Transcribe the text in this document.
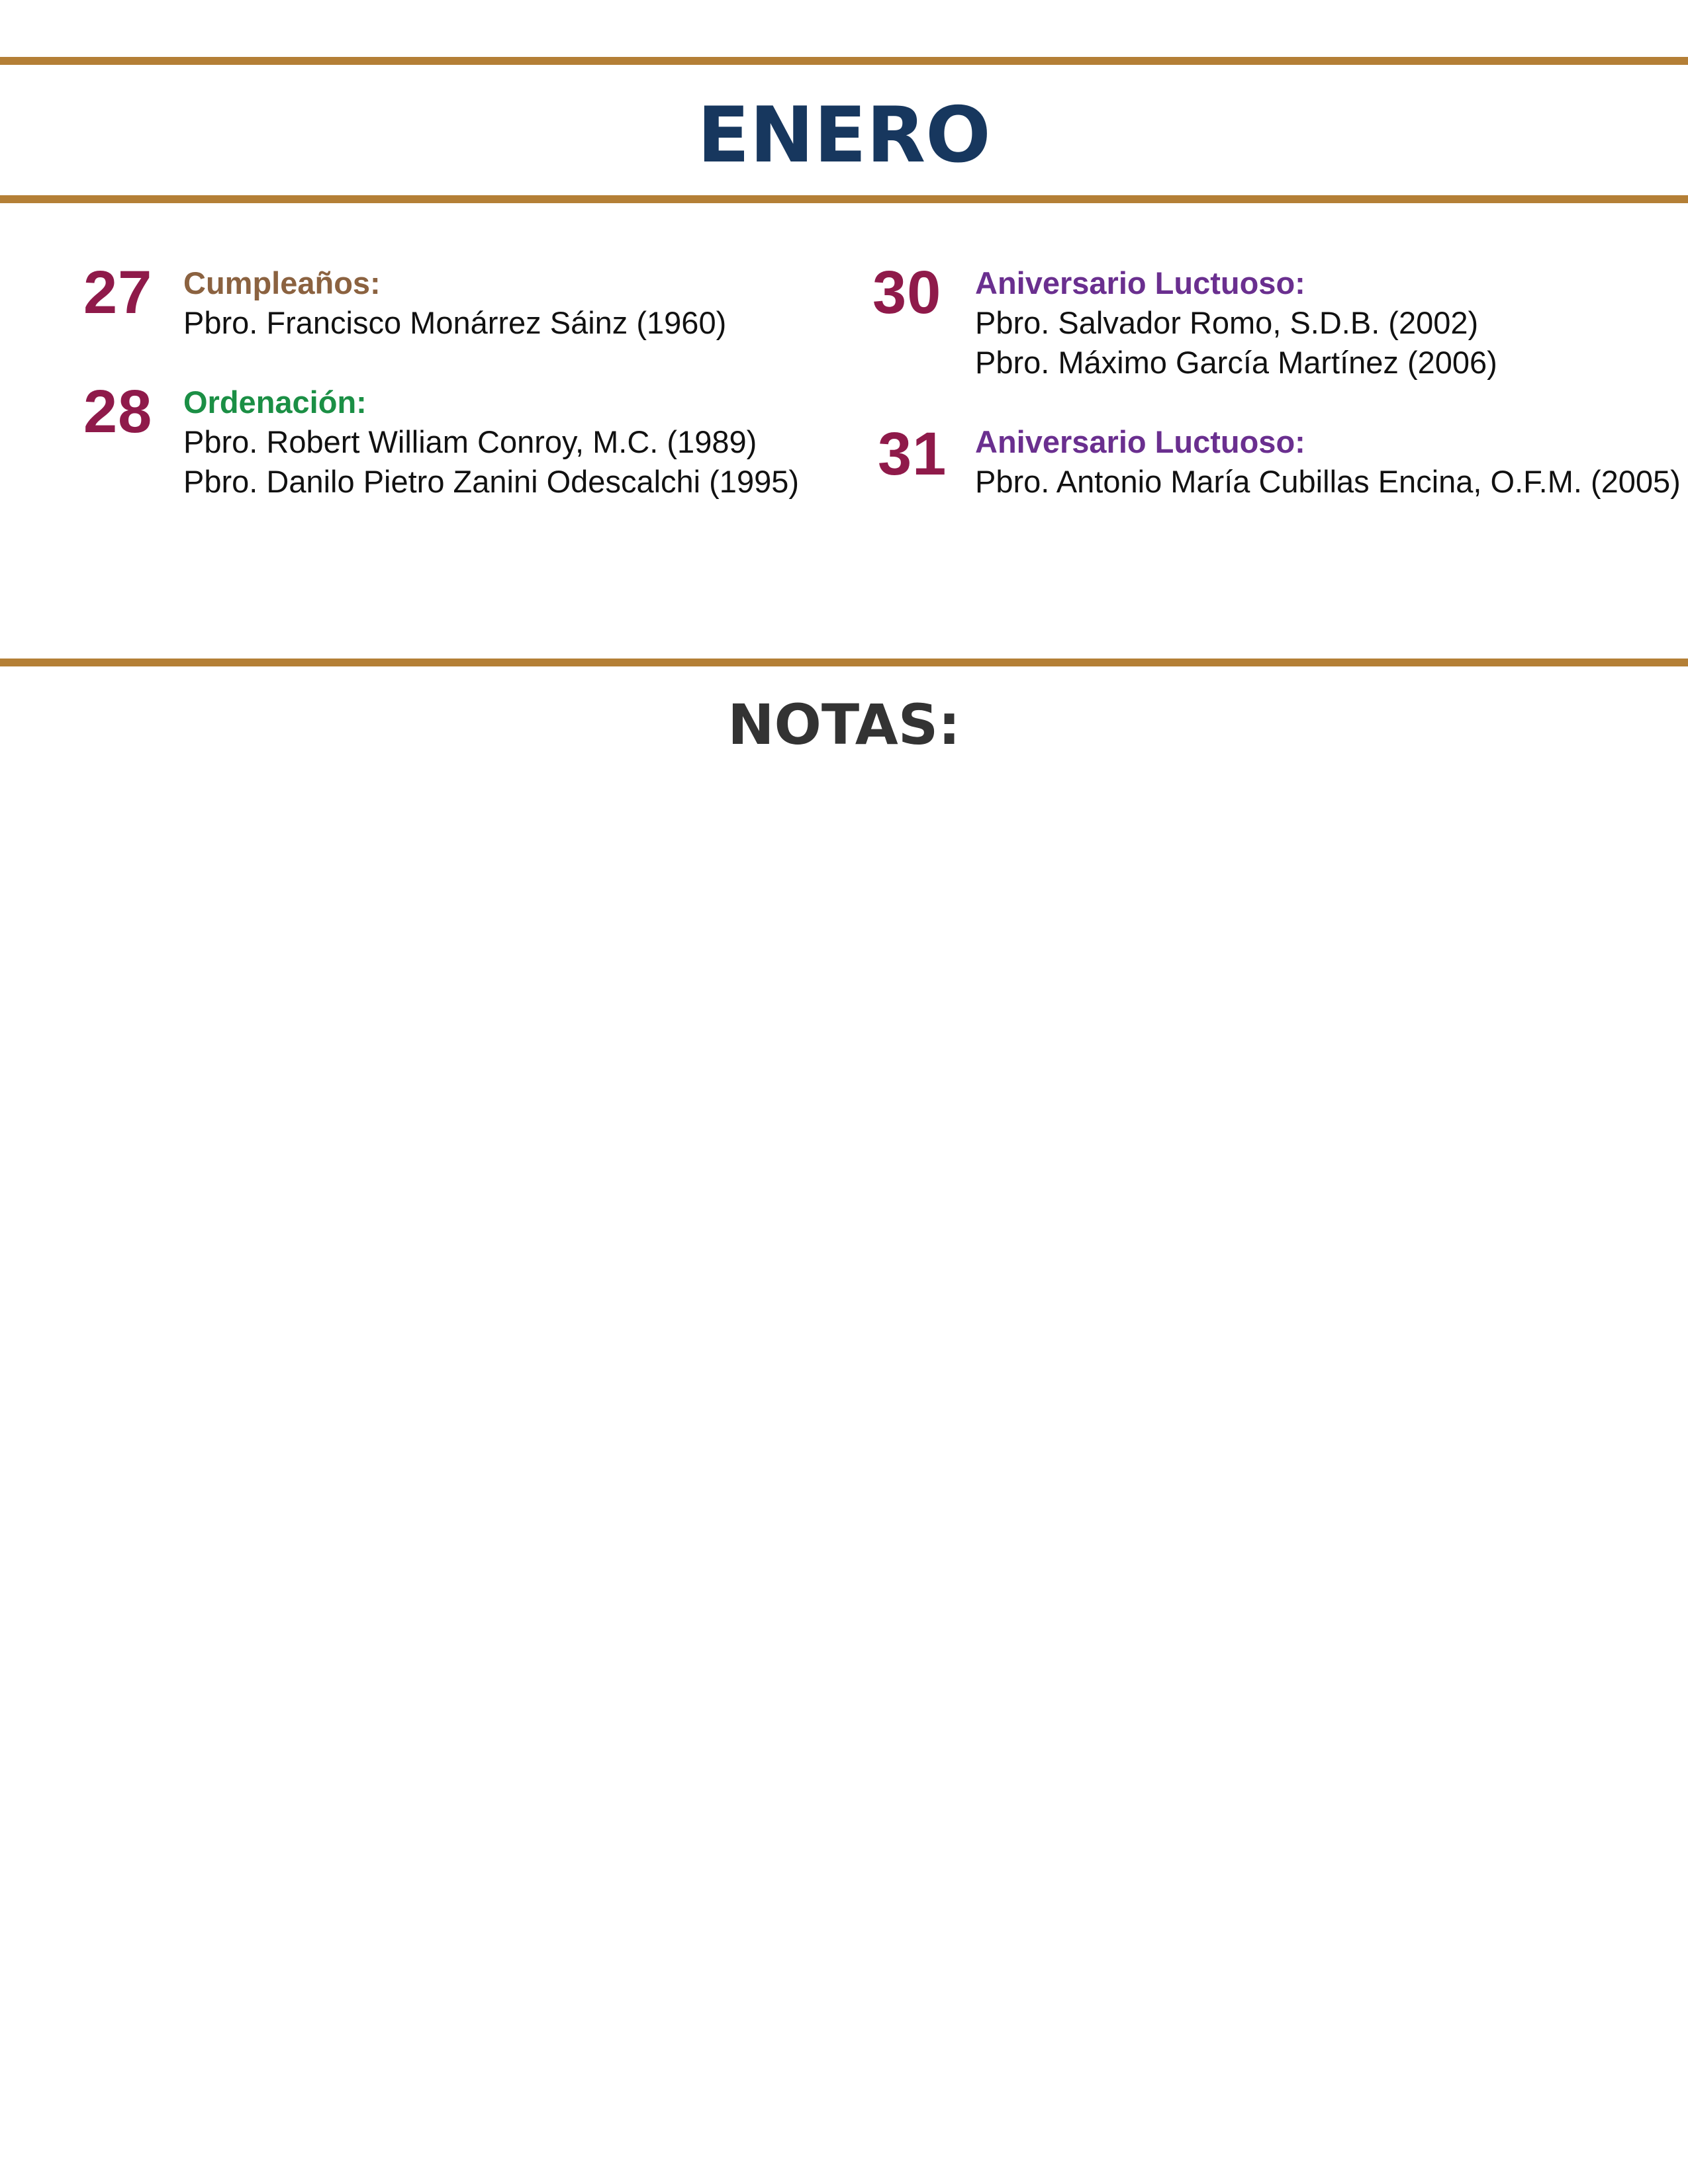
ENERO
27 Cumpleaños:
Pbro. Francisco Monárrez Sáinz (1960)
28 Ordenación:
Pbro. Robert William Conroy, M.C. (1989)
Pbro. Danilo Pietro Zanini Odescalchi (1995)
30 Aniversario Luctuoso:
Pbro. Salvador Romo, S.D.B. (2002)
Pbro. Máximo García Martínez (2006)
31 Aniversario Luctuoso:
Pbro. Antonio María Cubillas Encina, O.F.M. (2005)
NOTAS:
